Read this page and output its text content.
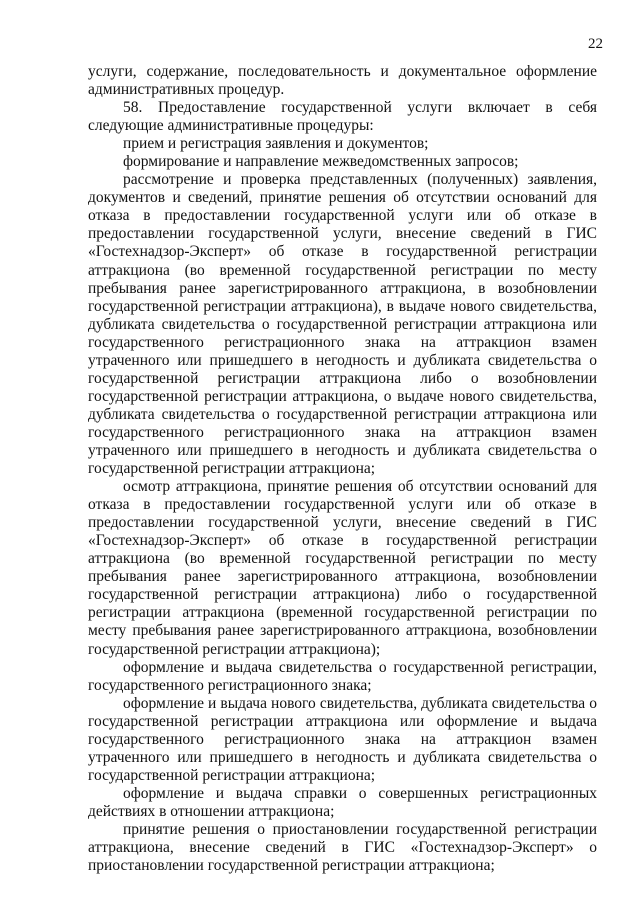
22

услуги, содержание, последовательность и документальное оформление административных процедур.

58. Предоставление государственной услуги включает в себя следующие административные процедуры:

прием и регистрация заявления и документов;

формирование и направление межведомственных запросов;

рассмотрение и проверка представленных (полученных) заявления, документов и сведений, принятие решения об отсутствии оснований для отказа в предоставлении государственной услуги или об отказе в предоставлении государственной услуги, внесение сведений в ГИС «Гостехнадзор-Эксперт» об отказе в государственной регистрации аттракциона (во временной государственной регистрации по месту пребывания ранее зарегистрированного аттракциона, в возобновлении государственной регистрации аттракциона), в выдаче нового свидетельства, дубликата свидетельства о государственной регистрации аттракциона или государственного регистрационного знака на аттракцион взамен утраченного или пришедшего в негодность и дубликата свидетельства о государственной регистрации аттракциона либо о возобновлении государственной регистрации аттракциона, о выдаче нового свидетельства, дубликата свидетельства о государственной регистрации аттракциона или государственного регистрационного знака на аттракцион взамен утраченного или пришедшего в негодность и дубликата свидетельства о государственной регистрации аттракциона;

осмотр аттракциона, принятие решения об отсутствии оснований для отказа в предоставлении государственной услуги или об отказе в предоставлении государственной услуги, внесение сведений в ГИС «Гостехнадзор-Эксперт» об отказе в государственной регистрации аттракциона (во временной государственной регистрации по месту пребывания ранее зарегистрированного аттракциона, возобновлении государственной регистрации аттракциона) либо о государственной регистрации аттракциона (временной государственной регистрации по месту пребывания ранее зарегистрированного аттракциона, возобновлении государственной регистрации аттракциона);

оформление и выдача свидетельства о государственной регистрации, государственного регистрационного знака;

оформление и выдача нового свидетельства, дубликата свидетельства о государственной регистрации аттракциона или оформление и выдача государственного регистрационного знака на аттракцион взамен утраченного или пришедшего в негодность и дубликата свидетельства о государственной регистрации аттракциона;

оформление и выдача справки о совершенных регистрационных действиях в отношении аттракциона;

принятие решения о приостановлении государственной регистрации аттракциона, внесение сведений в ГИС «Гостехнадзор-Эксперт» о приостановлении государственной регистрации аттракциона;
